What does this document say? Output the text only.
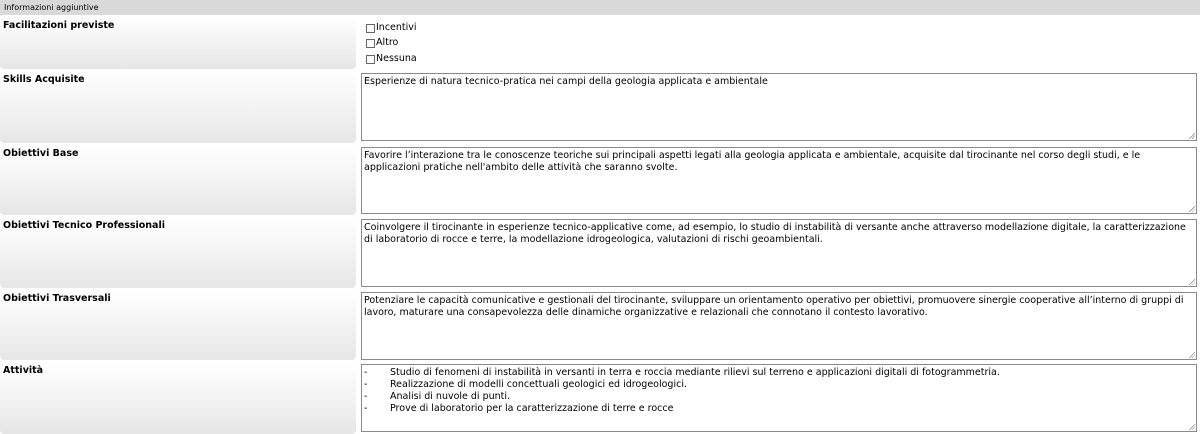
Informazioni aggiuntive
Facilitazioni previste	Incentivi
Altro
Nessuna
Skills Acquisite	Esperienze di natura tecnico-pratica nei campi della geologia applicata e ambientale
Obiettivi Base	Favorire l’interazione tra le conoscenze teoriche sui principali aspetti legati alla geologia applicata e ambientale, acquisite dal tirocinante nel corso degli studi, e le applicazioni pratiche nell'ambito delle attività che saranno svolte.
Obiettivi Tecnico Professionali	Coinvolgere il tirocinante in esperienze tecnico-applicative come, ad esempio, lo studio di instabilità di versante anche attraverso modellazione digitale, la caratterizzazione di laboratorio di rocce e terre, la modellazione idrogeologica, valutazioni di rischi geoambientali.
Obiettivi Trasversali	Potenziare le capacità comunicative e gestionali del tirocinante, sviluppare un orientamento operativo per obiettivi, promuovere sinergie cooperative all’interno di gruppi di lavoro, maturare una consapevolezza delle dinamiche organizzative e relazionali che connotano il contesto lavorativo.
Attività	-	Studio di fenomeni di instabilità in versanti in terra e roccia mediante rilievi sul terreno e applicazioni digitali di fotogrammetria.
-	Realizzazione di modelli concettuali geologici ed idrogeologici.
-	Analisi di nuvole di punti.
-	Prove di laboratorio per la caratterizzazione di terre e rocce
